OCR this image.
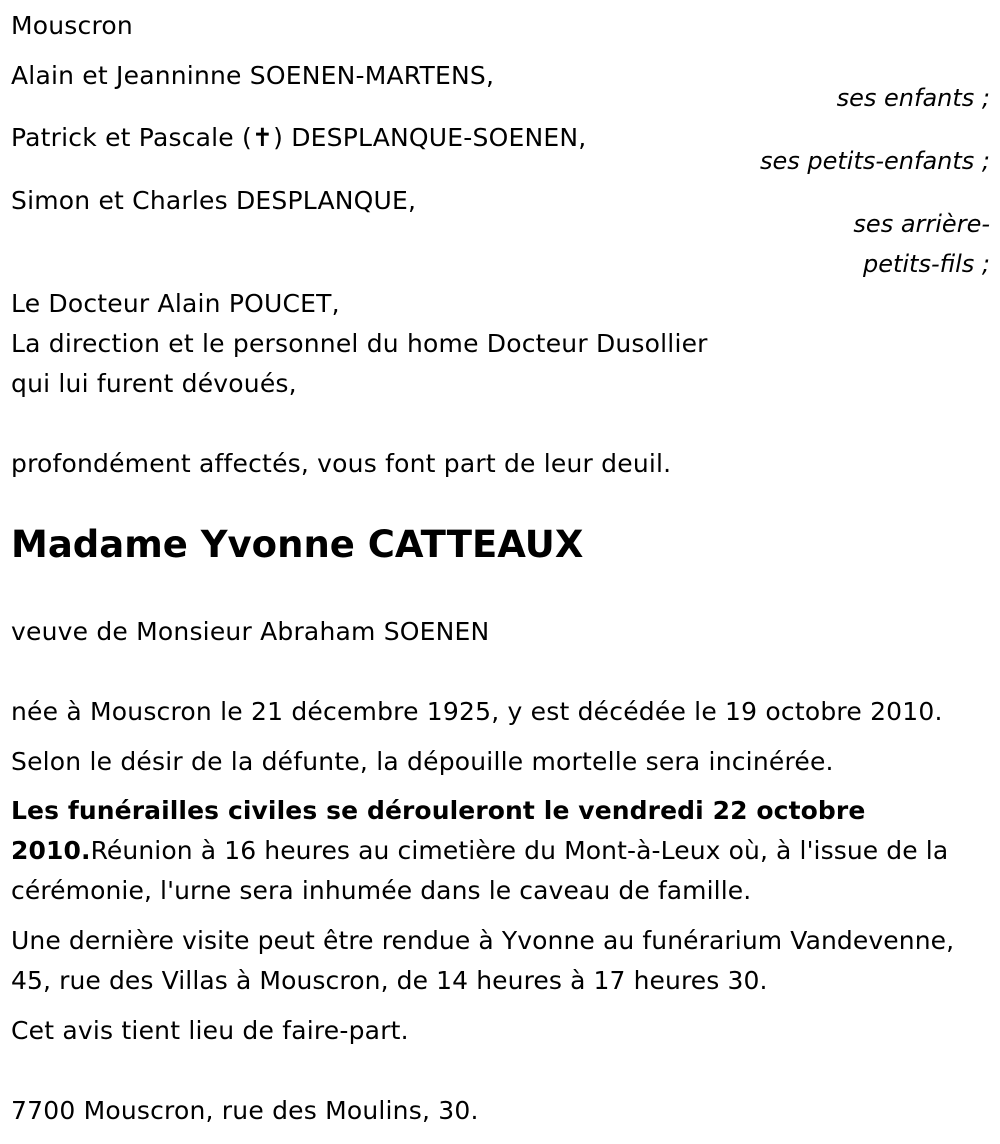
Mouscron
Alain et Jeanninne SOENEN-MARTENS,
ses enfants ;
Patrick et Pascale (✝) DESPLANQUE-SOENEN,
ses petits-enfants ;
Simon et Charles DESPLANQUE,
ses arrière-
petits-fils ;
Le Docteur Alain POUCET,
La direction et le personnel du home Docteur Dusollier
qui lui furent dévoués,
profondément affectés, vous font part de leur deuil.
Madame Yvonne CATTEAUX
veuve de Monsieur Abraham SOENEN
née à Mouscron le 21 décembre 1925, y est décédée le 19 octobre 2010.
Selon le désir de la défunte, la dépouille mortelle sera incinérée.
Les funérailles civiles se dérouleront le vendredi 22 octobre 2010.Réunion à 16 heures au cimetière du Mont-à-Leux où, à l'issue de la cérémonie, l'urne sera inhumée dans le caveau de famille.
Une dernière visite peut être rendue à Yvonne au funérarium Vandevenne, 45, rue des Villas à Mouscron, de 14 heures à 17 heures 30.
Cet avis tient lieu de faire-part.
7700 Mouscron, rue des Moulins, 30.
